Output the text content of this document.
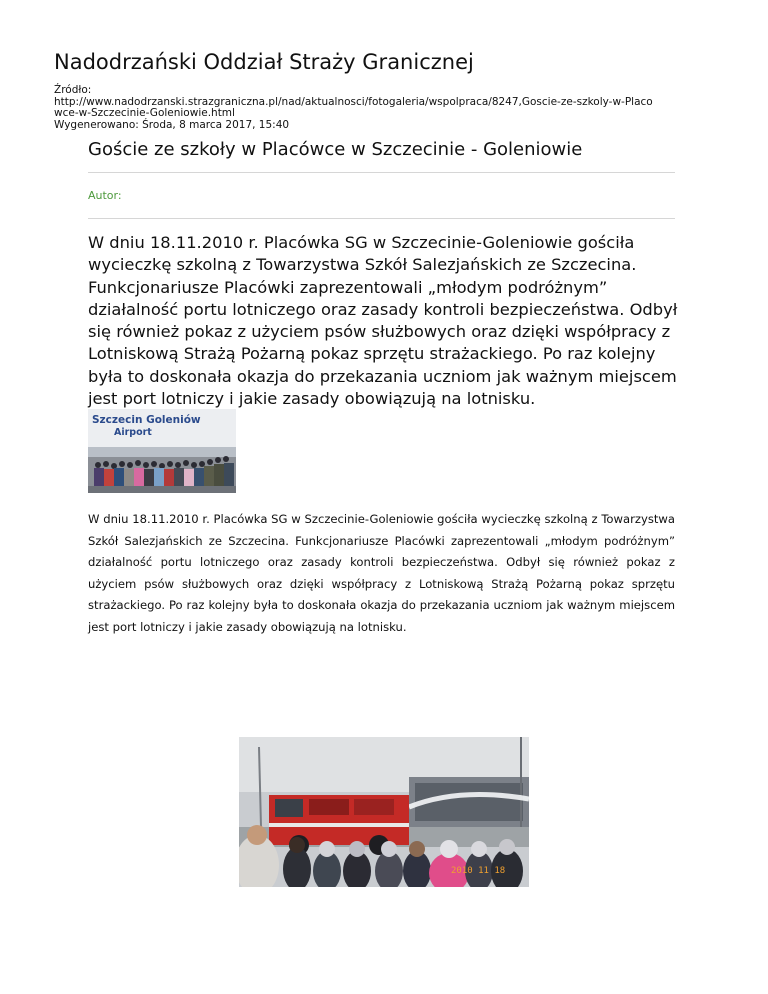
Nadodrzański Oddział Straży Granicznej
Źródło:
http://www.nadodrzanski.strazgraniczna.pl/nad/aktualnosci/fotogaleria/wspolpraca/8247,Goscie-ze-szkoly-w-Placo
wce-w-Szczecinie-Goleniowie.html
Wygenerowano: Środa, 8 marca 2017, 15:40
Goście ze szkoły w Placówce w Szczecinie - Goleniowie
Autor:
W dniu 18.11.2010 r. Placówka SG w Szczecinie-Goleniowie gościła wycieczkę szkolną z Towarzystwa Szkół Salezjańskich ze Szczecina. Funkcjonariusze Placówki zaprezentowali „młodym podróżnym” działalność portu lotniczego oraz zasady kontroli bezpieczeństwa. Odbył się również pokaz z użyciem psów służbowych oraz dzięki współpracy z Lotniskową Strażą Pożarną pokaz sprzętu strażackiego. Po raz kolejny była to doskonała okazja do przekazania uczniom jak ważnym miejscem jest port lotniczy i jakie zasady obowiązują na lotnisku.
Szczecin Goleniów
Airport
W dniu 18.11.2010 r. Placówka SG w Szczecinie-Goleniowie gościła wycieczkę szkolną z Towarzystwa Szkół Salezjańskich ze Szczecina. Funkcjonariusze Placówki zaprezentowali „młodym podróżnym” działalność portu lotniczego oraz zasady kontroli bezpieczeństwa. Odbył się również pokaz z użyciem psów służbowych oraz dzięki współpracy z Lotniskową Strażą Pożarną pokaz sprzętu strażackiego. Po raz kolejny była to doskonała okazja do przekazania uczniom jak ważnym miejscem jest port lotniczy i jakie zasady obowiązują na lotnisku.
2010 11 18
